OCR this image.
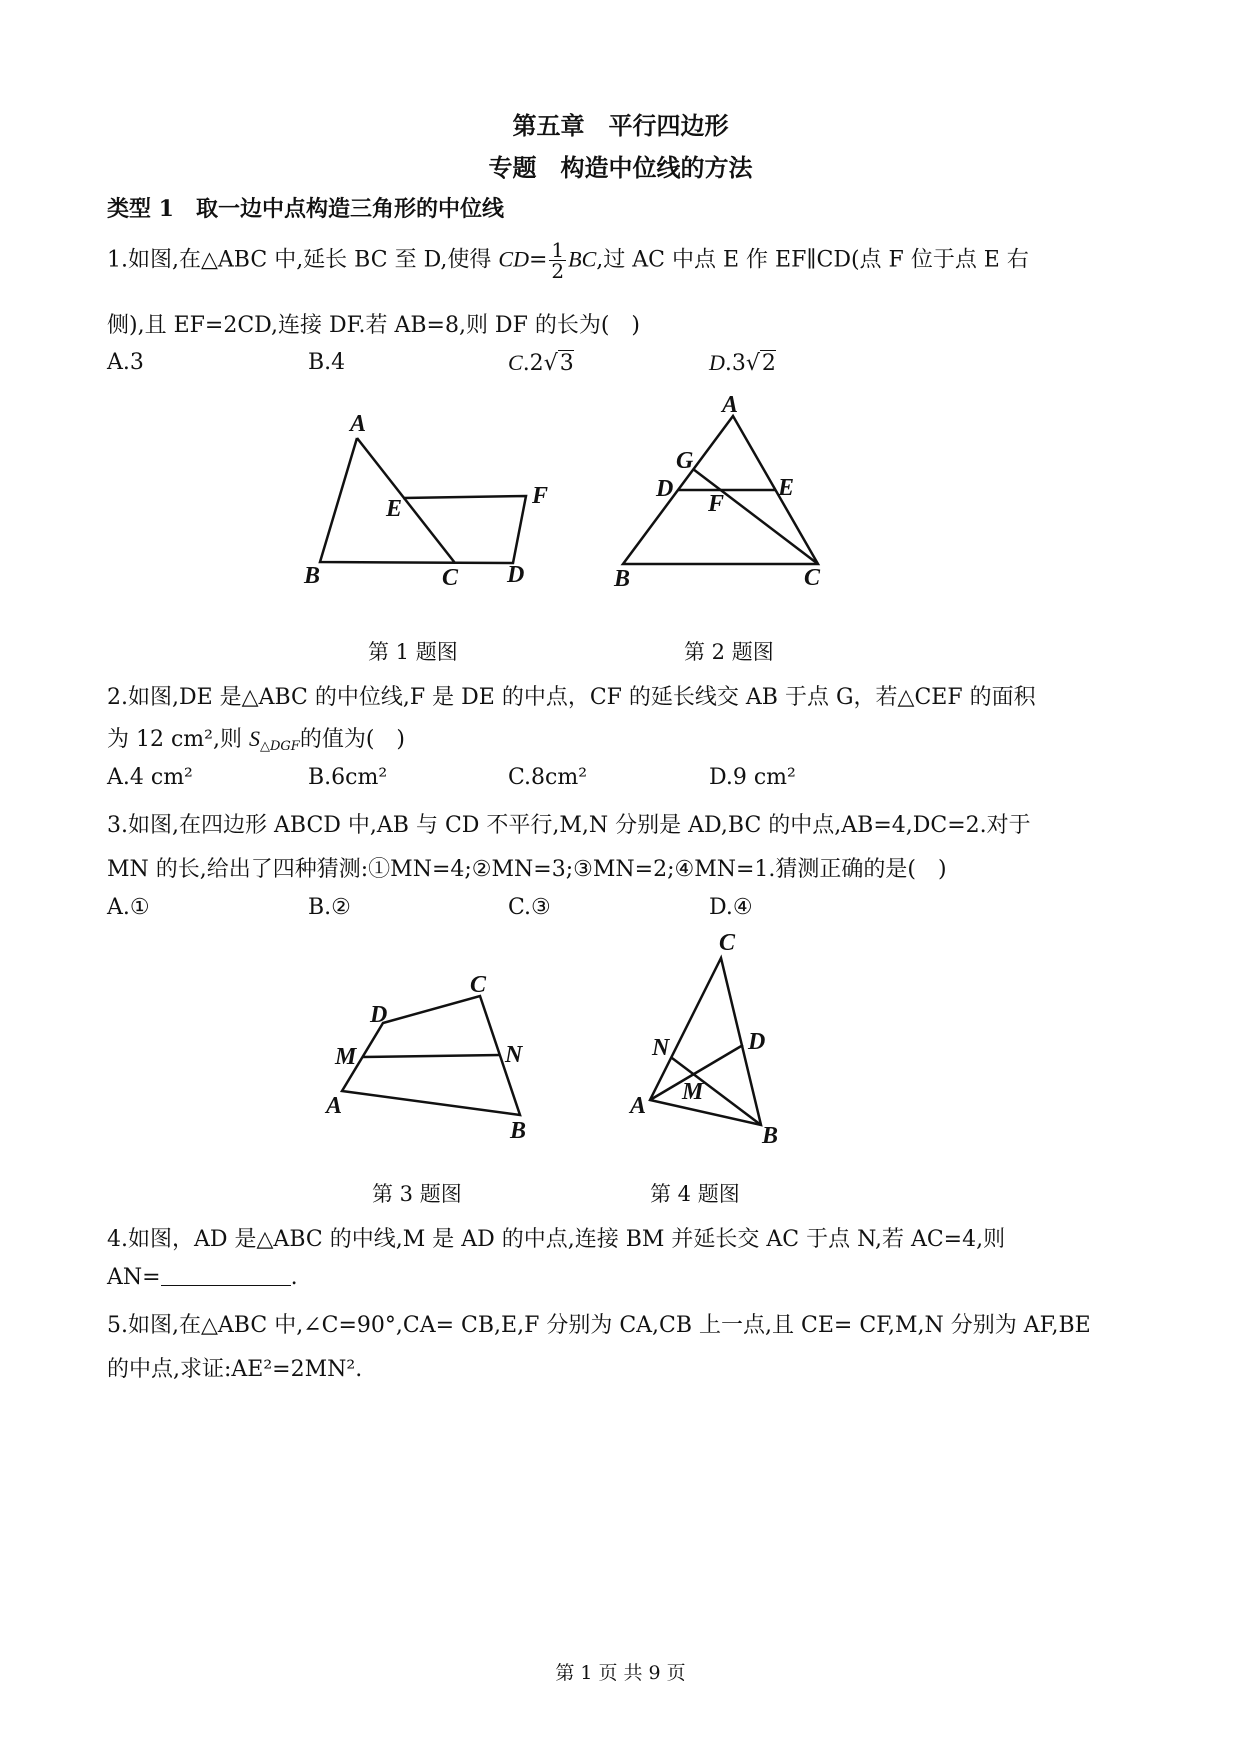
第五章　平行四边形
专题　构造中位线的方法
类型 1　取一边中点构造三角形的中位线
1.如图,在△ABC 中,延长 BC 至 D,使得 $CD= \frac{1}{2}$ BC,过 AC 中点 E 作 EF∥CD(点 F 位于点 E 右
侧),且 EF=2CD,连接 DF.若 AB=8,则 DF 的长为(　)
A.3	B.4	C.2√3	D.3√2
A
B	C D
E	F
第 1 题图
A
B	C
D	E
F
G
第 2 题图
2.如图,DE 是△ABC 的中位线,F 是 DE 的中点，CF 的延长线交 AB 于点 G，若△CEF 的面积
为 12 cm²,则 $S_{\triangle DGF}$的值为(　)
A.4 cm²	B.6cm²	C.8cm²	D.9 cm²
3.如图,在四边形 ABCD 中,AB 与 CD 不平行,M,N 分别是 AD,BC 的中点,AB=4,DC=2.对于
MN 的长,给出了四种猜测:①MN=4;②MN=3;③MN=2;④MN=1.猜测正确的是(　)
A.①	B.②	C.③	D.④
D
C
M	N
A
B
第 3 题图
C
N	D
M
A
B
第 4 题图
4.如图，AD 是△ABC 的中线,M 是 AD 的中点,连接 BM 并延长交 AC 于点 N,若 AC=4,则
AN=	.
5.如图,在△ABC 中,∠C=90°,CA= CB,E,F 分别为 CA,CB 上一点,且 CE= CF,M,N 分别为 AF,BE
的中点,求证:AE²=2MN².
第 1 页 共 9 页
